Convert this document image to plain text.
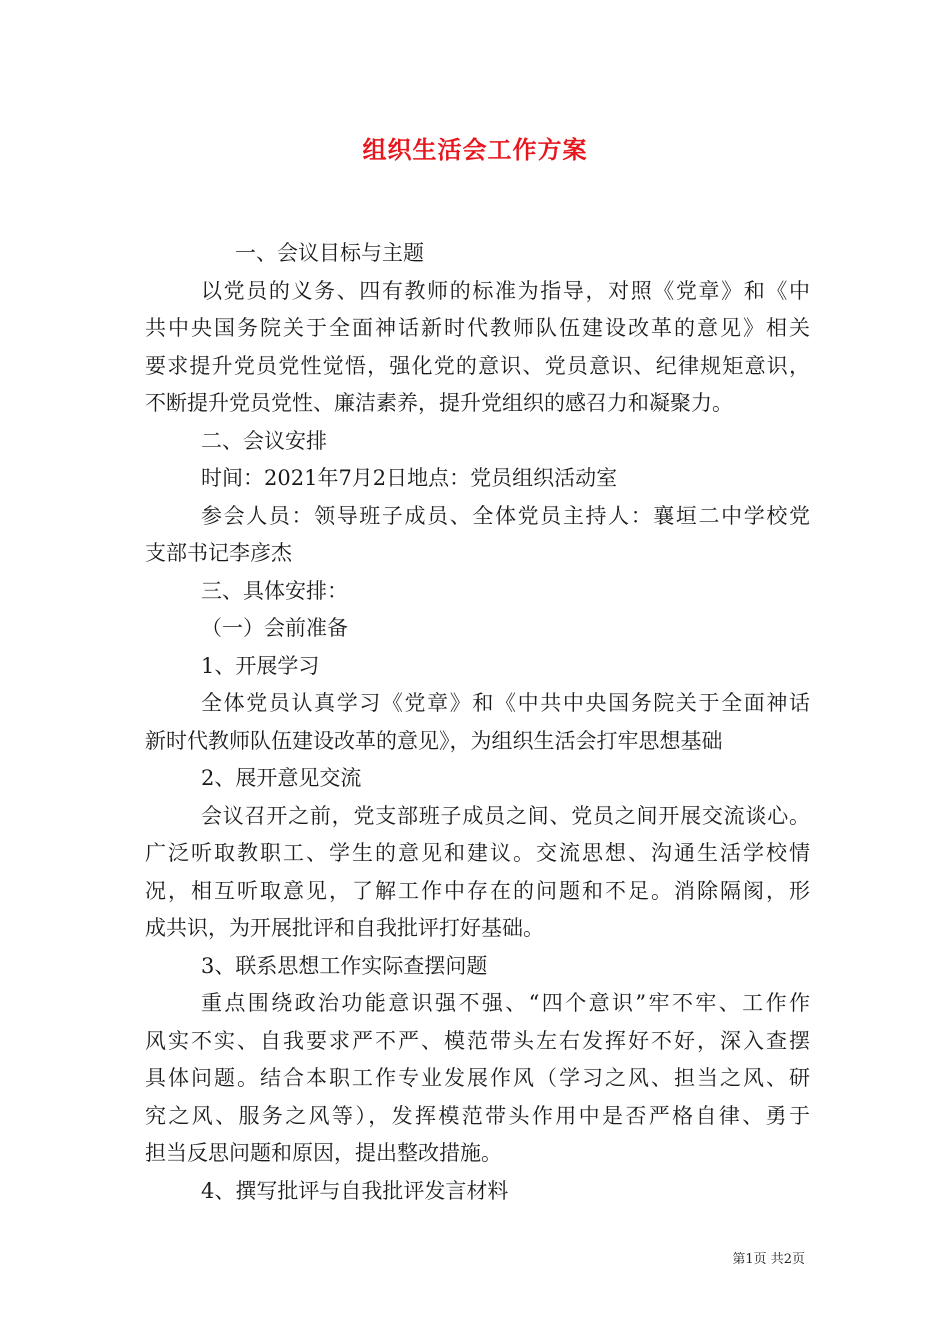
组织生活会工作方案
一、会议目标与主题
以党员的义务、四有教师的标准为指导，对照《党章》和《中
共中央国务院关于全面神话新时代教师队伍建设改革的意见》相关
要求提升党员党性觉悟，强化党的意识、党员意识、纪律规矩意识，
不断提升党员党性、廉洁素养，提升党组织的感召力和凝聚力。
二、会议安排
时间：2021年7月2日地点：党员组织活动室
参会人员：领导班子成员、全体党员主持人：襄垣二中学校党
支部书记李彦杰
三、具体安排：
（一）会前准备
1、开展学习
全体党员认真学习《党章》和《中共中央国务院关于全面神话
新时代教师队伍建设改革的意见》，为组织生活会打牢思想基础
2、展开意见交流
会议召开之前，党支部班子成员之间、党员之间开展交流谈心。
广泛听取教职工、学生的意见和建议。交流思想、沟通生活学校情
况，相互听取意见，了解工作中存在的问题和不足。消除隔阂，形
成共识，为开展批评和自我批评打好基础。
3、联系思想工作实际查摆问题
重点围绕政治功能意识强不强、“四个意识”牢不牢、工作作
风实不实、自我要求严不严、模范带头左右发挥好不好，深入查摆
具体问题。结合本职工作专业发展作风（学习之风、担当之风、研
究之风、服务之风等），发挥模范带头作用中是否严格自律、勇于
担当反思问题和原因，提出整改措施。
4、撰写批评与自我批评发言材料
第1页 共2页
